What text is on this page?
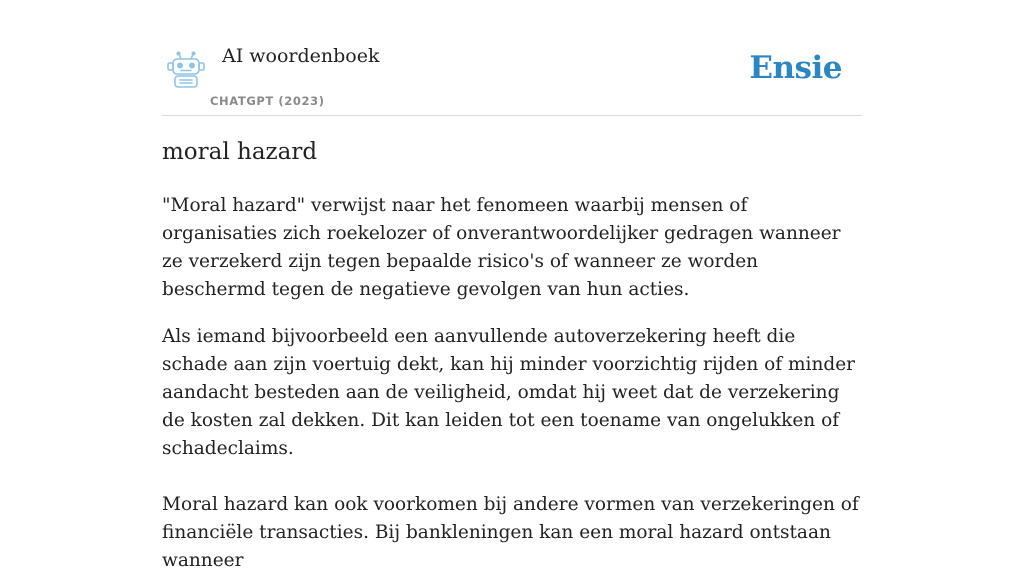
AI woordenboek
CHATGPT (2023)
Ensie
moral hazard

"Moral hazard" verwijst naar het fenomeen waarbij mensen of organisaties zich roekelozer of onverantwoordelijker gedragen wanneer ze verzekerd zijn tegen bepaalde risico's of wanneer ze worden beschermd tegen de negatieve gevolgen van hun acties.

Als iemand bijvoorbeeld een aanvullende autoverzekering heeft die schade aan zijn voertuig dekt, kan hij minder voorzichtig rijden of minder aandacht besteden aan de veiligheid, omdat hij weet dat de verzekering de kosten zal dekken. Dit kan leiden tot een toename van ongelukken of schadeclaims.

Moral hazard kan ook voorkomen bij andere vormen van verzekeringen of financiële transacties. Bij bankleningen kan een moral hazard ontstaan wanneer
